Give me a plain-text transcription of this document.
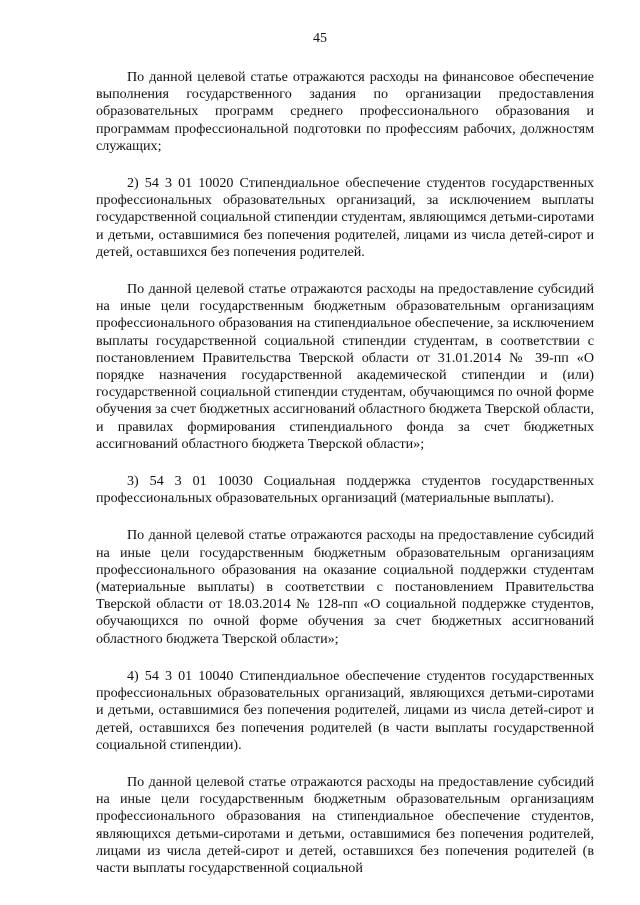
45

По данной целевой статье отражаются расходы на финансовое обеспечение выполнения государственного задания по организации предоставления образовательных программ среднего профессионального образования и программам профессиональной подготовки по профессиям рабочих, должностям служащих;

2) 54 3 01 10020 Стипендиальное обеспечение студентов государственных профессиональных образовательных организаций, за исключением выплаты государственной социальной стипендии студентам, являющимся детьми-сиротами и детьми, оставшимися без попечения родителей, лицами из числа детей-сирот и детей, оставшихся без попечения родителей.

По данной целевой статье отражаются расходы на предоставление субсидий на иные цели государственным бюджетным образовательным организациям профессионального образования на стипендиальное обеспечение, за исключением выплаты государственной социальной стипендии студентам, в соответствии с постановлением Правительства Тверской области от 31.01.2014 № 39-пп «О порядке назначения государственной академической стипендии и (или) государственной социальной стипендии студентам, обучающимся по очной форме обучения за счет бюджетных ассигнований областного бюджета Тверской области, и правилах формирования стипендиального фонда за счет бюджетных ассигнований областного бюджета Тверской области»;

3) 54 3 01 10030 Социальная поддержка студентов государственных профессиональных образовательных организаций (материальные выплаты).

По данной целевой статье отражаются расходы на предоставление субсидий на иные цели государственным бюджетным образовательным организациям профессионального образования на оказание социальной поддержки студентам (материальные выплаты) в соответствии с постановлением Правительства Тверской области от 18.03.2014 № 128-пп «О социальной поддержке студентов, обучающихся по очной форме обучения за счет бюджетных ассигнований областного бюджета Тверской области»;

4) 54 3 01 10040 Стипендиальное обеспечение студентов государственных профессиональных образовательных организаций, являющихся детьми-сиротами и детьми, оставшимися без попечения родителей, лицами из числа детей-сирот и детей, оставшихся без попечения родителей (в части выплаты государственной социальной стипендии).

По данной целевой статье отражаются расходы на предоставление субсидий на иные цели государственным бюджетным образовательным организациям профессионального образования на стипендиальное обеспечение студентов, являющихся детьми-сиротами и детьми, оставшимися без попечения родителей, лицами из числа детей-сирот и детей, оставшихся без попечения родителей (в части выплаты государственной социальной
